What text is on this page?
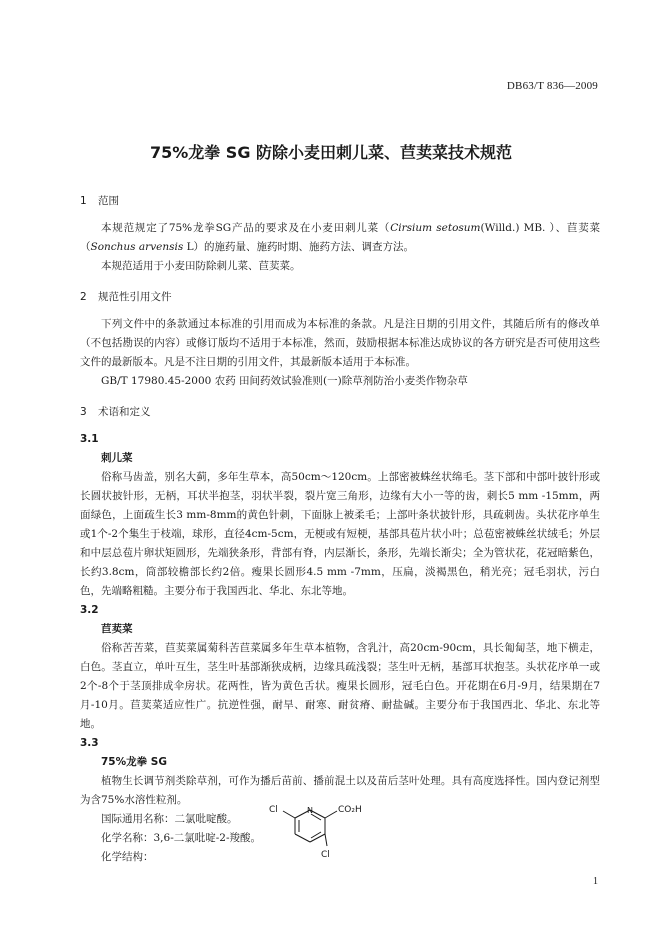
DB63/T 836—2009
75%龙拳 SG 防除小麦田刺儿菜、苣荬菜技术规范

1 范围

本规范规定了75%龙拳SG产品的要求及在小麦田刺儿菜（Cirsium setosum(Willd.) MB. ）、苣荬菜（Sonchus arvensis L）的施药量、施药时期、施药方法、调查方法。

本规范适用于小麦田防除刺儿菜、苣荬菜。

2 规范性引用文件

下列文件中的条款通过本标准的引用而成为本标准的条款。凡是注日期的引用文件，其随后所有的修改单（不包括勘误的内容）或修订版均不适用于本标准，然而，鼓励根据本标准达成协议的各方研究是否可使用这些文件的最新版本。凡是不注日期的引用文件，其最新版本适用于本标准。

GB/T 17980.45-2000 农药 田间药效试验准则(一)除草剂防治小麦类作物杂草

3 术语和定义

3.1

刺儿菜

俗称马齿盖，别名大蓟，多年生草本，高50cm～120cm。上部密被蛛丝状绵毛。茎下部和中部叶披针形或长圆状披针形，无柄，耳状半抱茎，羽状半裂，裂片宽三角形，边缘有大小一等的齿，刺长5 mm -15mm，两面绿色，上面疏生长3 mm-8mm的黄色针刺，下面脉上被柔毛；上部叶条状披针形，具疏刺齿。头状花序单生或1个-2个集生于枝端，球形，直径4cm-5cm，无梗或有短梗，基部具苞片状小叶；总苞密被蛛丝状绒毛；外层和中层总苞片卵状矩圆形，先端狭条形，背部有脊，内层渐长，条形，先端长渐尖；全为管状花，花冠暗紫色，长约3.8cm，筒部较檐部长约2倍。瘦果长圆形4.5 mm -7mm，压扁，淡褐黑色，稍光亮；冠毛羽状，污白色，先端略粗糙。主要分布于我国西北、华北、东北等地。

3.2

苣荬菜

俗称苦苦菜，苣荬菜属菊科苦苣菜属多年生草本植物，含乳汁，高20cm-90cm，具长匍匐茎，地下横走，白色。茎直立，单叶互生，茎生叶基部渐狭成柄，边缘具疏浅裂；茎生叶无柄，基部耳状抱茎。头状花序单一或2个-8个于茎顶排成伞房状。花两性，皆为黄色舌状。瘦果长圆形，冠毛白色。开花期在6月-9月，结果期在7月-10月。苣荬菜适应性广。抗逆性强，耐旱、耐寒、耐贫瘠、耐盐碱。主要分布于我国西北、华北、东北等地。

3.3

75%龙拳 SG

植物生长调节剂类除草剂，可作为播后苗前、播前混土以及苗后茎叶处理。具有高度选择性。国内登记剂型为含75%水溶性粒剂。

国际通用名称：二氯吡啶酸。

化学名称：3,6-二氯吡啶-2-羧酸。

化学结构：

N
Cl	CO₂H
Cl
1
